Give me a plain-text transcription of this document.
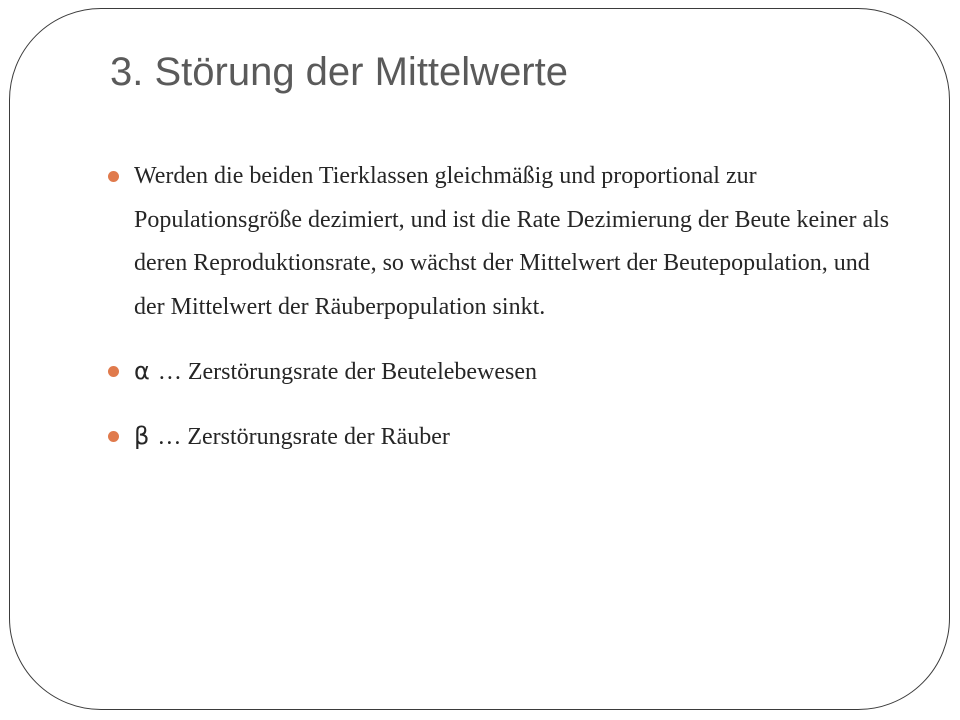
3. Störung der Mittelwerte
Werden die beiden Tierklassen gleichmäßig und proportional zur Populationsgröße dezimiert, und ist die Rate Dezimierung der Beute keiner als deren Reproduktionsrate, so wächst der Mittelwert der Beutepopulation, und der Mittelwert der Räuberpopulation sinkt.
α … Zerstörungsrate der Beutelebewesen
β … Zerstörungsrate der Räuber
